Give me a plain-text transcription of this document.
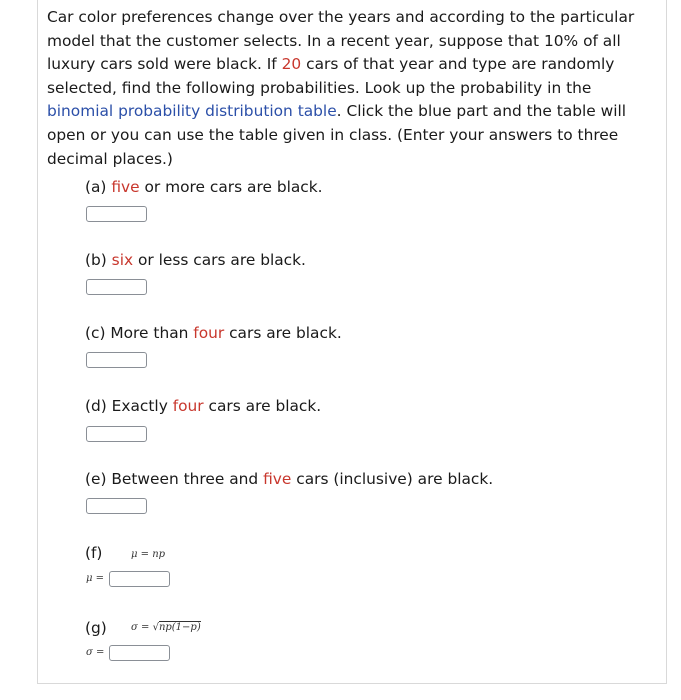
Car color preferences change over the years and according to the particular model that the customer selects. In a recent year, suppose that 10% of all luxury cars sold were black. If 20 cars of that year and type are randomly selected, find the following probabilities. Look up the probability in the binomial probability distribution table. Click the blue part and the table will open or you can use the table given in class. (Enter your answers to three decimal places.)

(a) five or more cars are black.

(b) six or less cars are black.

(c) More than four cars are black.

(d) Exactly four cars are black.

(e) Between three and five cars (inclusive) are black.

(f)	μ = np
μ =

(g) σ = √np(1−p)
σ =
